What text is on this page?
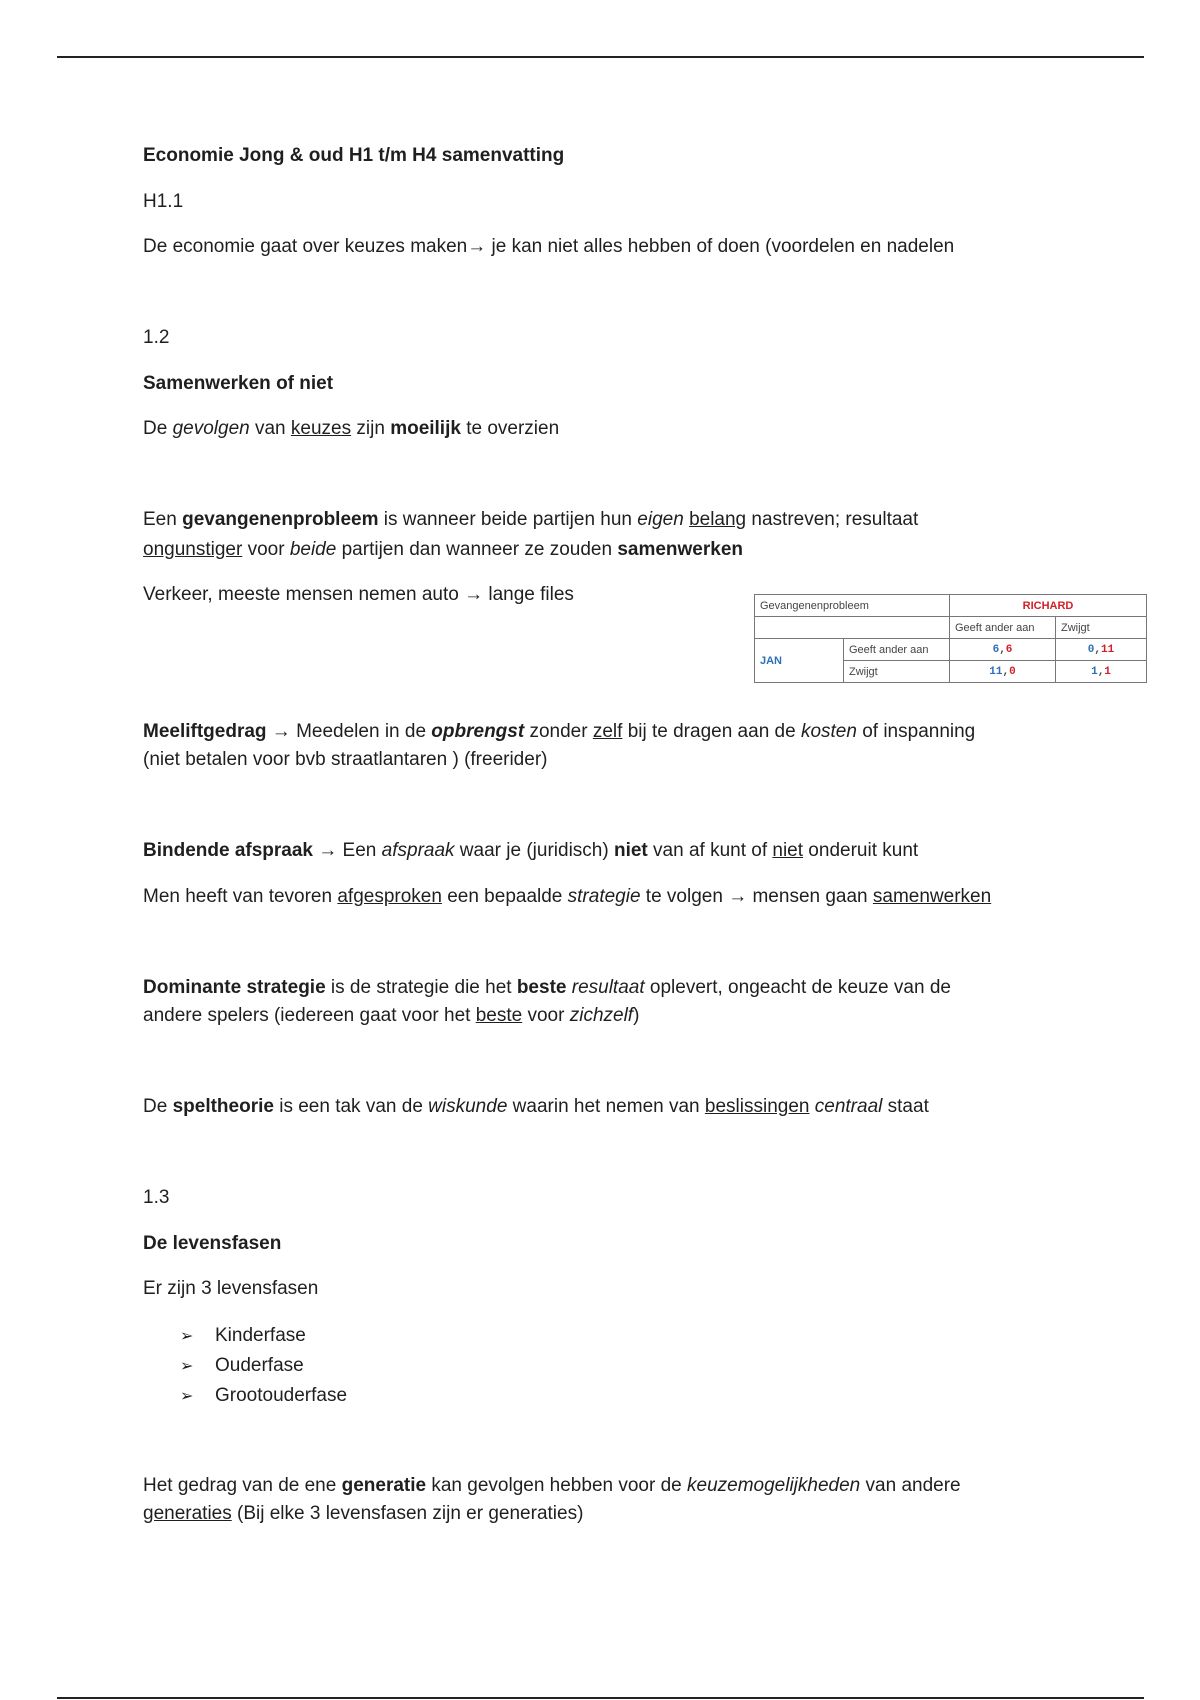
Economie Jong & oud H1 t/m H4 samenvatting
H1.1
De economie gaat over keuzes maken→ je kan niet alles hebben of doen (voordelen en nadelen
1.2
Samenwerken of niet
De gevolgen van keuzes zijn moeilijk te overzien
Een gevangenenprobleem is wanneer beide partijen hun eigen belang nastreven; resultaat
ongunstiger voor beide partijen dan wanneer ze zouden samenwerken
Verkeer, meeste mensen nemen auto → lange files
Meeliftgedrag → Meedelen in de opbrengst zonder zelf bij te dragen aan de kosten of inspanning
(niet betalen voor bvb straatlantaren ) (freerider)
Bindende afspraak → Een afspraak waar je (juridisch) niet van af kunt of niet onderuit kunt
Men heeft van tevoren afgesproken een bepaalde strategie te volgen → mensen gaan samenwerken
Dominante strategie is de strategie die het beste resultaat oplevert, ongeacht de keuze van de
andere spelers (iedereen gaat voor het beste voor zichzelf)
De speltheorie is een tak van de wiskunde waarin het nemen van beslissingen centraal staat
1.3
De levensfasen
Er zijn 3 levensfasen
➢ Kinderfase
➢ Ouderfase
➢ Grootouderfase
Het gedrag van de ene generatie kan gevolgen hebben voor de keuzemogelijkheden van andere
generaties (Bij elke 3 levensfasen zijn er generaties)
Gevangenenprobleem		RICHARD	
		Geeft ander aan	Zwijgt
JAN	Geeft ander aan	6,6	0,11
	Zwijgt	11,0	1,1
